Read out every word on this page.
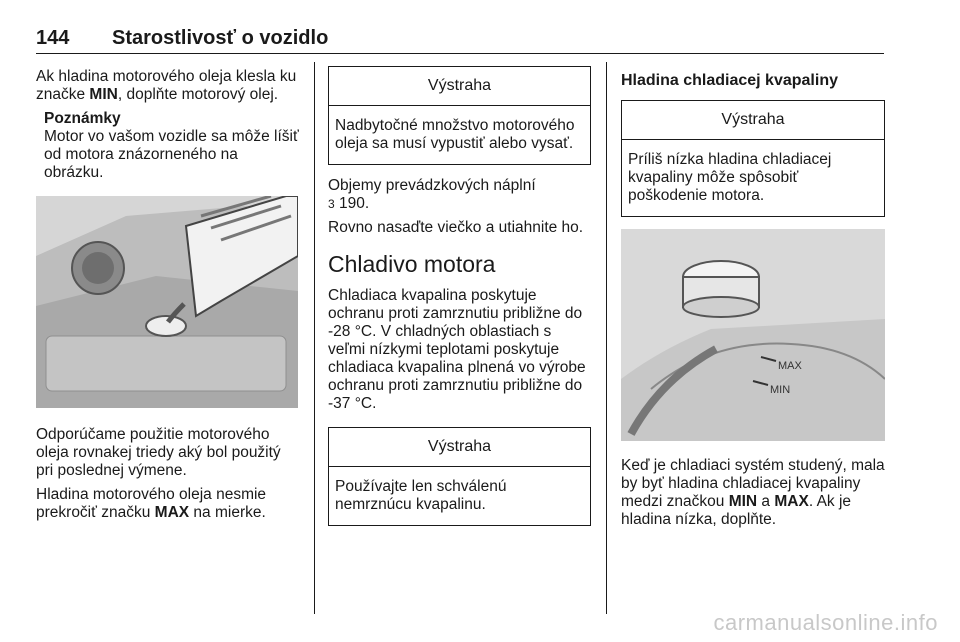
144 Starostlivosť o vozidlo

Ak hladina motorového oleja klesla ku značke MIN, doplňte motorový olej.

Poznámky
Motor vo vašom vozidle sa môže líšiť od motora znázorneného na obrázku.

Odporúčame použitie motorového oleja rovnakej triedy aký bol použitý pri poslednej výmene.

Hladina motorového oleja nesmie prekročiť značku MAX na mierke.

Výstraha
Nadbytočné množstvo motorového oleja sa musí vypustiť alebo vysať.

Objemy prevádzkových náplní
3 190.

Rovno nasaďte viečko a utiahnite ho.

Chladivo motora

Chladiaca kvapalina poskytuje ochranu proti zamrznutiu približne do -28 °C. V chladných oblastiach s veľmi nízkymi teplotami poskytuje chladiaca kvapalina plnená vo výrobe ochranu proti zamrznutiu približne do -37 °C.

Výstraha
Používajte len schválenú nemrznúcu kvapalinu.
Hladina chladiacej kvapaliny
Výstraha
Príliš nízka hladina chladiacej kvapaliny môže spôsobiť poškodenie motora.
MAX
MIN

Keď je chladiaci systém studený, mala by byť hladina chladiacej kvapaliny medzi značkou MIN a MAX. Ak je hladina nízka, doplňte.

carmanualsonline.info
